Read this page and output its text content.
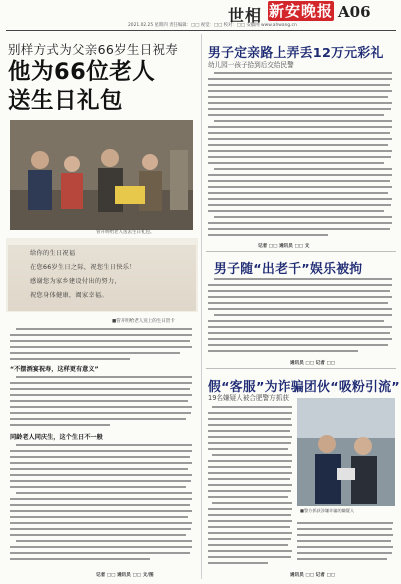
世相 新安晚报 A06
2021.02.25 星期四 责任编辑：□□ 视觉：□□ 校对：□□ 安徽网 www.ahwang.cn
别样方式为父亲66岁生日祝寿
他为66位老人
送生日礼包
管开明给老人送去生日礼包。
给你的生日祝福
在您66岁生日之际，祝您生日快乐！
感谢您为家乡建设付出的努力，
祝您身体健康，阖家幸福。
■管开明给老人送上的生日贺卡
“不摆酒宴祝寿，这样更有意义”
同龄老人同庆生，这个生日不一般
记者 □□ 通讯员 □□ 文/图
男子定亲路上弄丢12万元彩礼
幼儿园一孩子拾到后交给民警
记者 □□ 通讯员 □□ 文
男子随“出老千”娱乐被拘
通讯员 □□ 记者 □□
假“客服”为诈骗团伙“吸粉引流”
19名嫌疑人被合肥警方抓获
■警方抓获涉嫌诈骗的嫌疑人
通讯员 □□ 记者 □□
